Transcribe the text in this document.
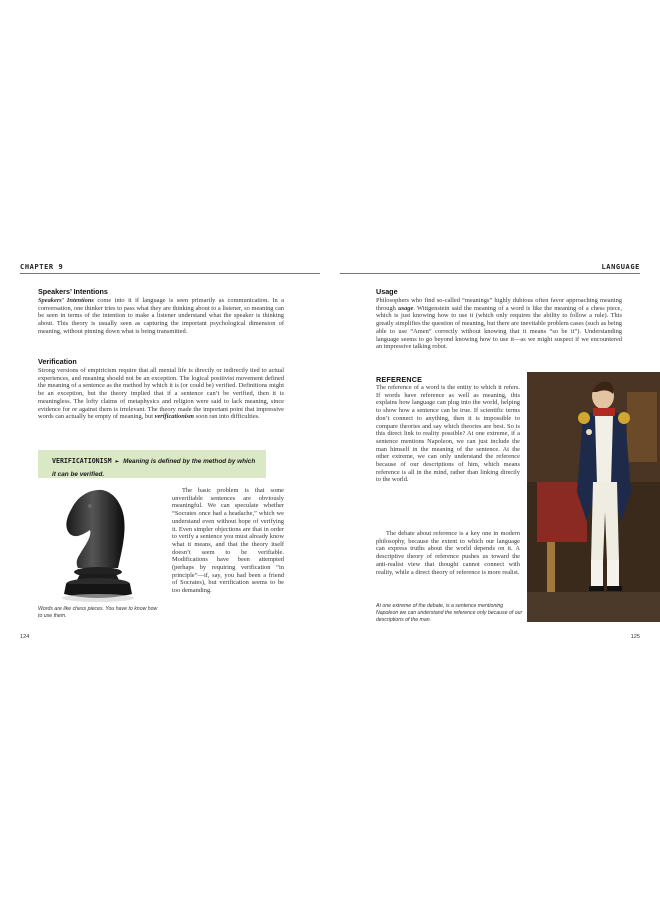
CHAPTER 9	LANGUAGE
Speakers’ Intentions

Speakers’ Intentions come into it if language is seen primarily as communication. In a conversation, one thinker tries to pass what they are thinking about to a listener, so meaning can be seen in terms of the intention to make a listener understand what the speaker is thinking about. This theory is usually seen as capturing the important psychological dimension of meaning, without pinning down what is being transmitted.

Verification

Strong versions of empiricism require that all mental life is directly or indirectly tied to actual experiences, and meaning should not be an exception. The logical positivist movement defined the meaning of a sentence as the method by which it is (or could be) verified. Definitions might be an exception, but the theory implied that if a sentence can’t be verified, then it is meaningless. The lofty claims of metaphysics and religion were said to lack meaning, since evidence for or against them is irrelevant. The theory made the important point that impressive words can actually be empty of meaning, but verificationism soon ran into difficulties.

VERIFICATIONISM ► Meaning is defined by the method by which it can be verified.
Words are like chess pieces. You have to know how to use them.

The basic problem is that some unverifiable sentences are obviously meaningful. We can speculate whether “Socrates once had a headache,” which we understand even without hope of verifying it. Even simpler objections are that in order to verify a sentence you must already know what it means, and that the theory itself doesn’t seem to be verifiable. Modifications have been attempted (perhaps by requiring verification “in principle”—if, say, you had been a friend of Socrates), but verification seems to be too demanding.

124
Usage

Philosophers who find so-called “meanings” highly dubious often favor approaching meaning through usage. Wittgenstein said the meaning of a word is like the meaning of a chess piece, which is just knowing how to use it (which only requires the ability to follow a rule). This greatly simplifies the question of meaning, but there are inevitable problem cases (such as being able to use “Amen” correctly without knowing that it means “so be it”). Understanding language seems to go beyond knowing how to use it—as we might suspect if we encountered an impressive talking robot.

REFERENCE

The reference of a word is the entity to which it refers. If words have reference as well as meaning, this explains how language can plug into the world, helping to show how a sentence can be true. If scientific terms don’t connect to anything, then it is impossible to compare theories and say which theories are best. So is this direct link to reality possible? At one extreme, if a sentence mentions Napoleon, we can just include the man himself in the meaning of the sentence. At the other extreme, we can only understand the reference because of our descriptions of him, which means reference is all in the mind, rather than linking directly to the world.

The debate about reference is a key one in modern philosophy, because the extent to which our language can express truths about the world depends on it. A descriptive theory of reference pushes us toward the anti-realist view that thought cannot connect with reality, while a direct theory of reference is more realist.

At one extreme of the debate, is a sentence mentioning Napoleon we can understand the reference only because of our descriptions of the man.
125
